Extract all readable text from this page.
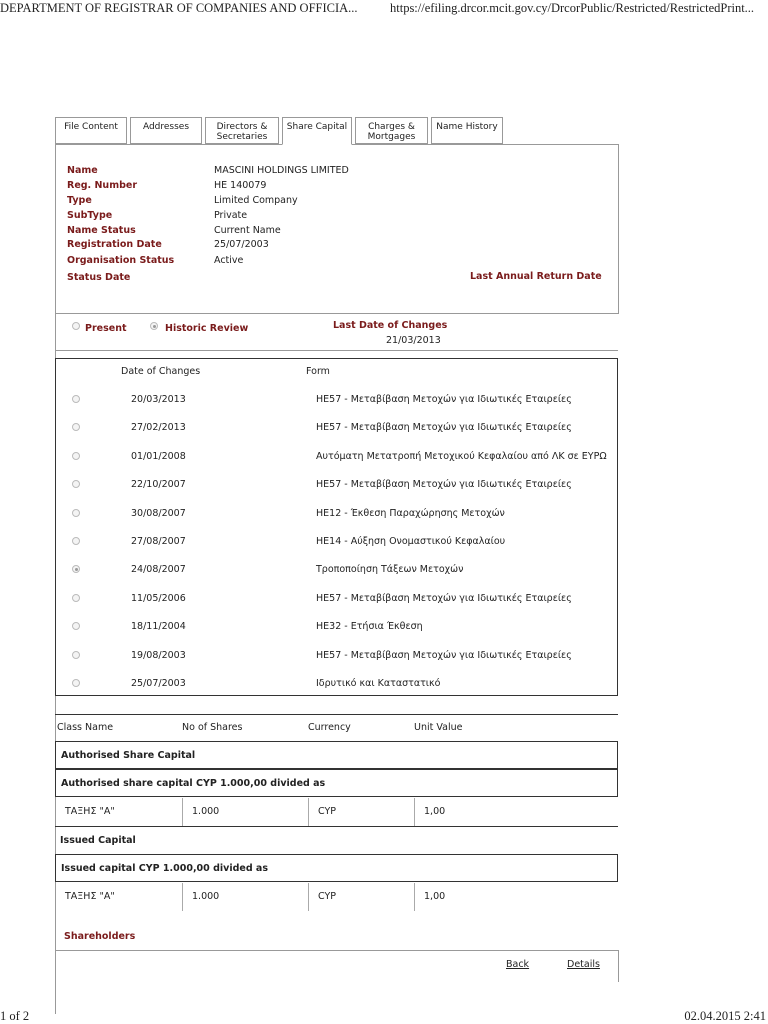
DEPARTMENT OF REGISTRAR OF COMPANIES AND OFFICIA...	https://efiling.drcor.mcit.gov.cy/DrcorPublic/Restricted/RestrictedPrint...
File Content	Addresses	Directors & Secretaries
Share Capital	Charges & Mortgages
Name History
Name	MASCINI HOLDINGS LIMITED
Reg. Number	HE 140079
Type	Limited Company
SubType	Private
Name Status	Current Name
Registration Date	25/07/2003
Organisation Status	Active
Status Date	Last Annual Return Date
Present	Historic Review	Last Date of Changes
21/03/2013
Date of Changes	Form
20/03/2013	HE57 - Μεταβίβαση Μετοχών για Ιδιωτικές Εταιρείες
27/02/2013	HE57 - Μεταβίβαση Μετοχών για Ιδιωτικές Εταιρείες
01/01/2008	Αυτόματη Μετατροπή Μετοχικού Κεφαλαίου από ΛΚ σε ΕΥΡΩ
22/10/2007	HE57 - Μεταβίβαση Μετοχών για Ιδιωτικές Εταιρείες
30/08/2007	HE12 - Έκθεση Παραχώρησης Μετοχών
27/08/2007	HE14 - Αύξηση Ονομαστικού Κεφαλαίου
24/08/2007	Τροποποίηση Τάξεων Μετοχών
11/05/2006	HE57 - Μεταβίβαση Μετοχών για Ιδιωτικές Εταιρείες
18/11/2004	HE32 - Ετήσια Έκθεση
19/08/2003	HE57 - Μεταβίβαση Μετοχών για Ιδιωτικές Εταιρείες
25/07/2003	Ιδρυτικό και Καταστατικό
Class Name	No of Shares	Currency	Unit Value
Authorised Share Capital
Authorised share capital CYP 1.000,00 divided as
ΤΑΞΗΣ "Α"	1.000	CYP	1,00
Issued Capital
Issued capital CYP 1.000,00 divided as
ΤΑΞΗΣ "Α"	1.000	CYP	1,00
Shareholders
Back	Details
1 of 2	02.04.2015 2:41
